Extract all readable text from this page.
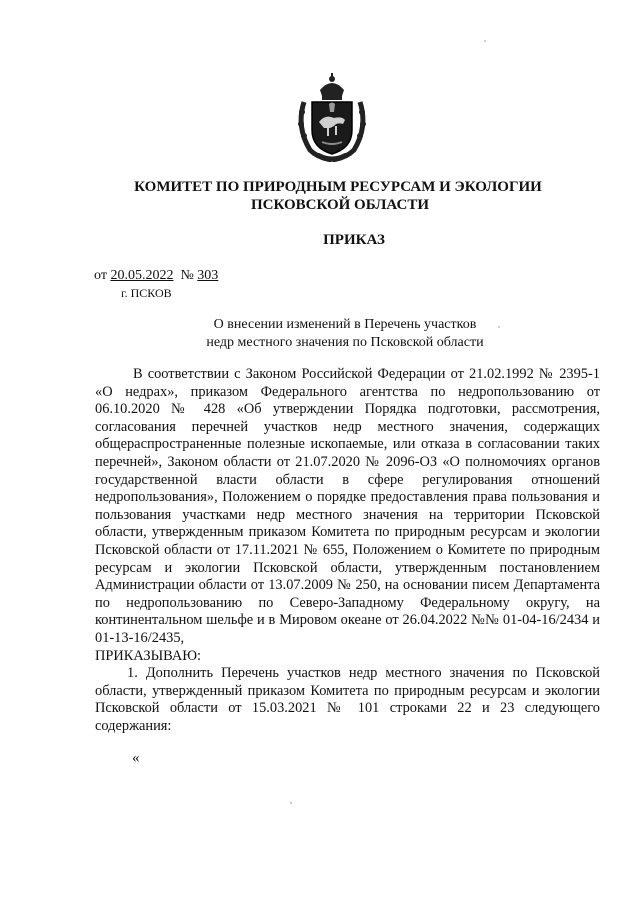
КОМИТЕТ ПО ПРИРОДНЫМ РЕСУРСАМ И ЭКОЛОГИИ
ПСКОВСКОЙ ОБЛАСТИ
ПРИКАЗ
от 20.05.2022 № 303
г. ПСКОВ
О внесении изменений в Перечень участков
недр местного значения по Псковской области

В соответствии с Законом Российской Федерации от 21.02.1992 № 2395-1 «О недрах», приказом Федерального агентства по недропользованию от 06.10.2020 № 428 «Об утверждении Порядка подготовки, рассмотрения, согласования перечней участков недр местного значения, содержащих общераспространенные полезные ископаемые, или отказа в согласовании таких перечней», Законом области от 21.07.2020 № 2096-ОЗ «О полномочиях органов государственной власти области в сфере регулирования отношений недропользования», Положением о порядке предоставления права пользования и пользования участками недр местного значения на территории Псковской области, утвержденным приказом Комитета по природным ресурсам и экологии Псковской области от 17.11.2021 № 655, Положением о Комитете по природным ресурсам и экологии Псковской области, утвержденным постановлением Администрации области от 13.07.2009 № 250, на основании писем Департамента по недропользованию по Северо-Западному Федеральному округу, на континентальном шельфе и в Мировом океане от 26.04.2022 №№ 01-04-16/2434 и 01-13-16/2435,

ПРИКАЗЫВАЮ:

1. Дополнить Перечень участков недр местного значения по Псковской области, утвержденный приказом Комитета по природным ресурсам и экологии Псковской области от 15.03.2021 № 101 строками 22 и 23 следующего содержания:

«
